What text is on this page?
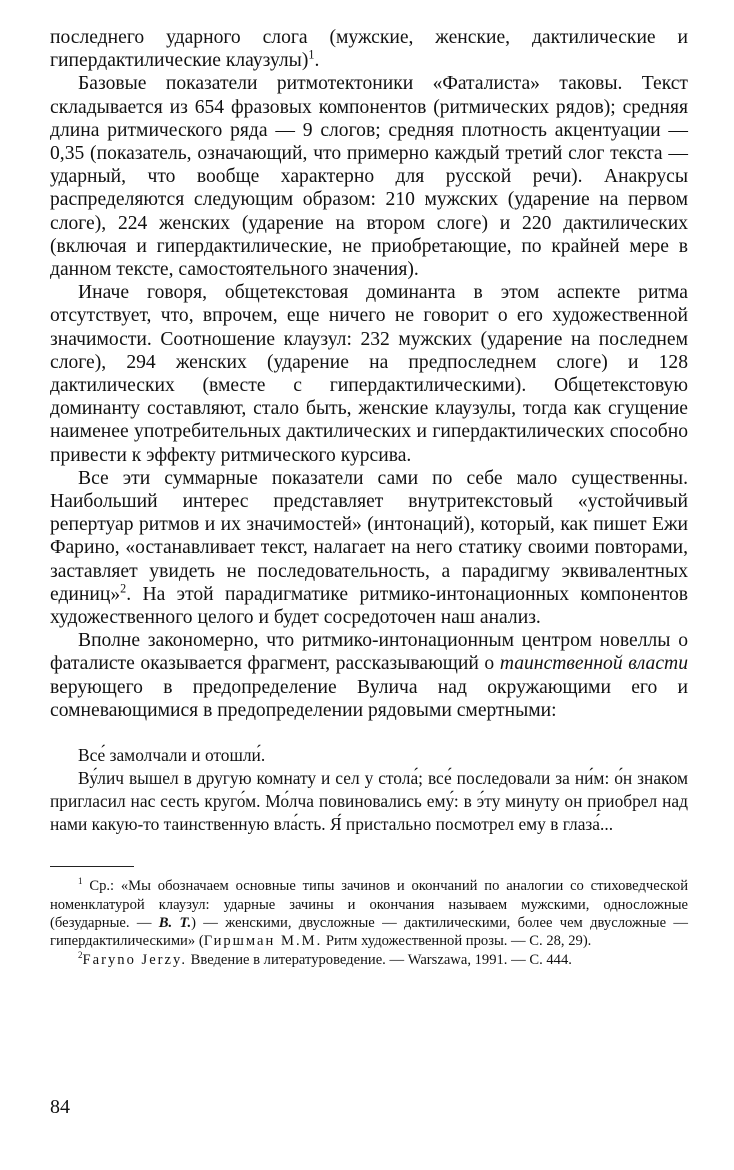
последнего ударного слога (мужские, женские, дактилические и гипердактилические клаузулы)$^1$.

Базовые показатели ритмотектоники «Фаталиста» таковы. Текст складывается из 654 фразовых компонентов (ритмических рядов); средняя длина ритмического ряда — 9 слогов; средняя плотность акцентуации — 0,35 (показатель, означающий, что примерно каждый третий слог текста — ударный, что вообще характерно для русской речи). Анакрусы распределяются следующим образом: 210 мужских (ударение на первом слоге), 224 женских (ударение на втором слоге) и 220 дактилических (включая и гипердактилические, не приобретающие, по крайней мере в данном тексте, самостоятельного значения).

Иначе говоря, общетекстовая доминанта в этом аспекте ритма отсутствует, что, впрочем, еще ничего не говорит о его художественной значимости. Соотношение клаузул: 232 мужских (ударение на последнем слоге), 294 женских (ударение на предпоследнем слоге) и 128 дактилических (вместе с гипердактилическими). Общетекстовую доминанту составляют, стало быть, женские клаузулы, тогда как сгущение наименее употребительных дактилических и гипердактилических способно привести к эффекту ритмического курсива.

Все эти суммарные показатели сами по себе мало существенны. Наибольший интерес представляет внутритекстовый «устойчивый репертуар ритмов и их значимостей» (интонаций), который, как пишет Ежи Фарино, «останавливает текст, налагает на него статику своими повторами, заставляет увидеть не последовательность, а парадигму эквивалентных единиц»$^2$. На этой парадигматике ритмико-интонационных компонентов художественного целого и будет сосредоточен наш анализ.

Вполне закономерно, что ритмико-интонационным центром новеллы о фаталисте оказывается фрагмент, рассказывающий о таинственной власти верующего в предопределение Вулича над окружающими его и сомневающимися в предопределении рядовыми смертными:

Все́ замолчали и отошли́.

Ву́лич вышел в другую комнату и сел у стола́; все́ последовали за ни́м: о́н знаком пригласил нас сесть круго́м. Мо́лча повиновались ему́: в э́ту минуту он приобрел над нами какую-то таинственную вла́сть. Я́ пристально посмотрел ему в глаза́...

$^1$ Ср.: «Мы обозначаем основные типы зачинов и окончаний по аналогии со стиховедческой номенклатурой клаузул: ударные зачины и окончания называем мужскими, односложные (безударные. — В. Т.) — женскими, двусложные — дактилическими, более чем двусложные — гипердактилическими» (Гиршман М.М. Ритм художественной прозы. — С. 28, 29).

$^2$Faryno Jerzy. Введение в литературоведение. — Warszawa, 1991. — С. 444.

84
